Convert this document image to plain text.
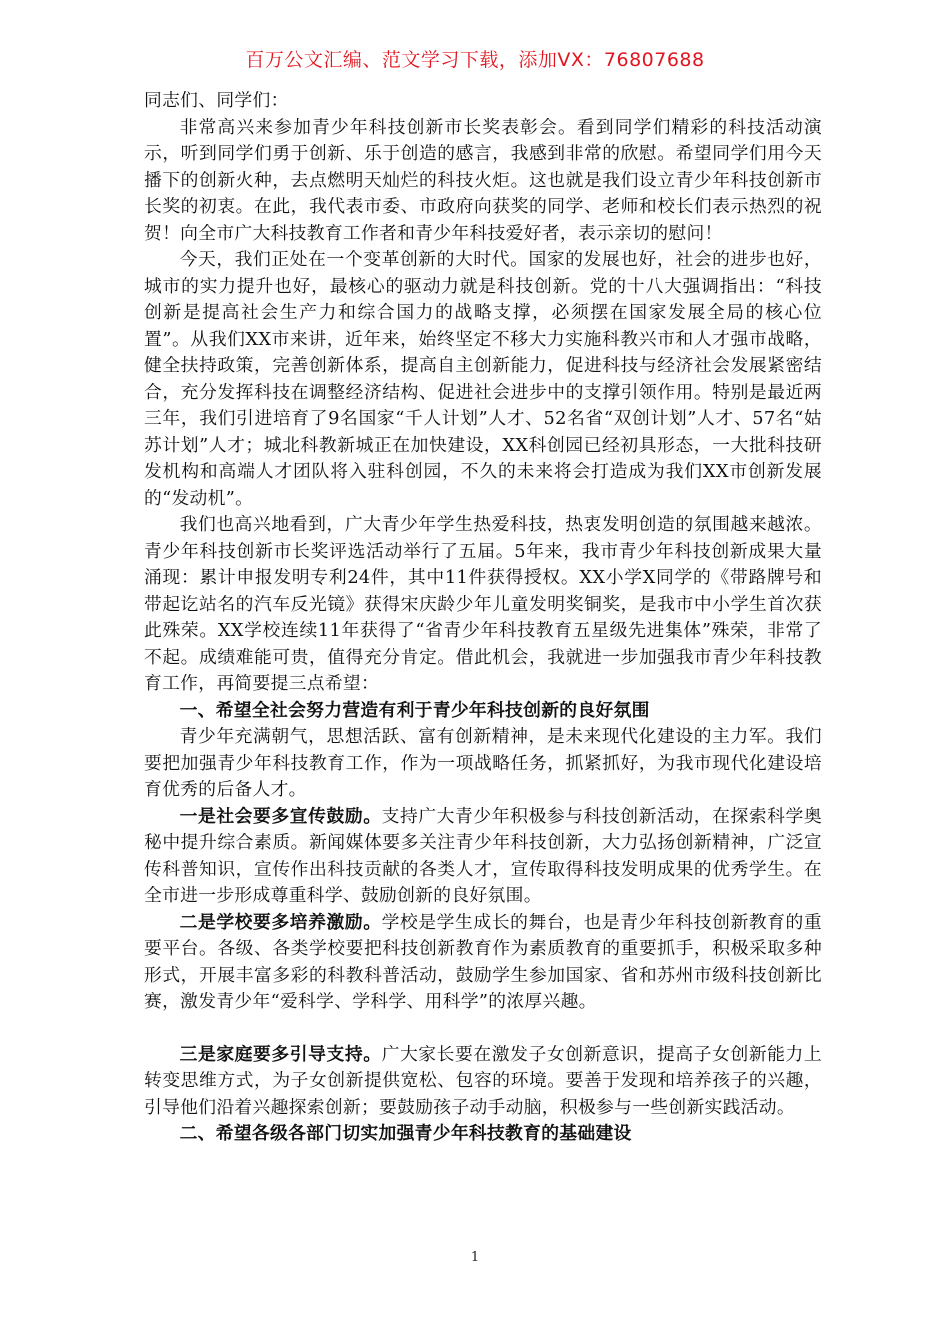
百万公文汇编、范文学习下载，添加VX：76807688

同志们、同学们：

非常高兴来参加青少年科技创新市长奖表彰会。看到同学们精彩的科技活动演示，听到同学们勇于创新、乐于创造的感言，我感到非常的欣慰。希望同学们用今天播下的创新火种，去点燃明天灿烂的科技火炬。这也就是我们设立青少年科技创新市长奖的初衷。在此，我代表市委、市政府向获奖的同学、老师和校长们表示热烈的祝贺！向全市广大科技教育工作者和青少年科技爱好者，表示亲切的慰问！

今天，我们正处在一个变革创新的大时代。国家的发展也好，社会的进步也好，城市的实力提升也好，最核心的驱动力就是科技创新。党的十八大强调指出：“科技创新是提高社会生产力和综合国力的战略支撑，必须摆在国家发展全局的核心位置”。从我们XX市来讲，近年来，始终坚定不移大力实施科教兴市和人才强市战略，健全扶持政策，完善创新体系，提高自主创新能力，促进科技与经济社会发展紧密结合，充分发挥科技在调整经济结构、促进社会进步中的支撑引领作用。特别是最近两三年，我们引进培育了9名国家“千人计划”人才、52名省“双创计划”人才、57名“姑苏计划”人才；城北科教新城正在加快建设，XX科创园已经初具形态，一大批科技研发机构和高端人才团队将入驻科创园，不久的未来将会打造成为我们XX市创新发展的“发动机”。

我们也高兴地看到，广大青少年学生热爱科技，热衷发明创造的氛围越来越浓。青少年科技创新市长奖评选活动举行了五届。5年来，我市青少年科技创新成果大量涌现：累计申报发明专利24件，其中11件获得授权。XX小学X同学的《带路牌号和带起讫站名的汽车反光镜》获得宋庆龄少年儿童发明奖铜奖，是我市中小学生首次获此殊荣。XX学校连续11年获得了“省青少年科技教育五星级先进集体”殊荣，非常了不起。成绩难能可贵，值得充分肯定。借此机会，我就进一步加强我市青少年科技教育工作，再简要提三点希望：

一、希望全社会努力营造有利于青少年科技创新的良好氛围

青少年充满朝气，思想活跃、富有创新精神，是未来现代化建设的主力军。我们要把加强青少年科技教育工作，作为一项战略任务，抓紧抓好，为我市现代化建设培育优秀的后备人才。

一是社会要多宣传鼓励。支持广大青少年积极参与科技创新活动，在探索科学奥秘中提升综合素质。新闻媒体要多关注青少年科技创新，大力弘扬创新精神，广泛宣传科普知识，宣传作出科技贡献的各类人才，宣传取得科技发明成果的优秀学生。在全市进一步形成尊重科学、鼓励创新的良好氛围。

二是学校要多培养激励。学校是学生成长的舞台，也是青少年科技创新教育的重要平台。各级、各类学校要把科技创新教育作为素质教育的重要抓手，积极采取多种形式，开展丰富多彩的科教科普活动，鼓励学生参加国家、省和苏州市级科技创新比赛，激发青少年“爱科学、学科学、用科学”的浓厚兴趣。

三是家庭要多引导支持。广大家长要在激发子女创新意识，提高子女创新能力上转变思维方式，为子女创新提供宽松、包容的环境。要善于发现和培养孩子的兴趣，引导他们沿着兴趣探索创新；要鼓励孩子动手动脑，积极参与一些创新实践活动。

二、希望各级各部门切实加强青少年科技教育的基础建设

1
